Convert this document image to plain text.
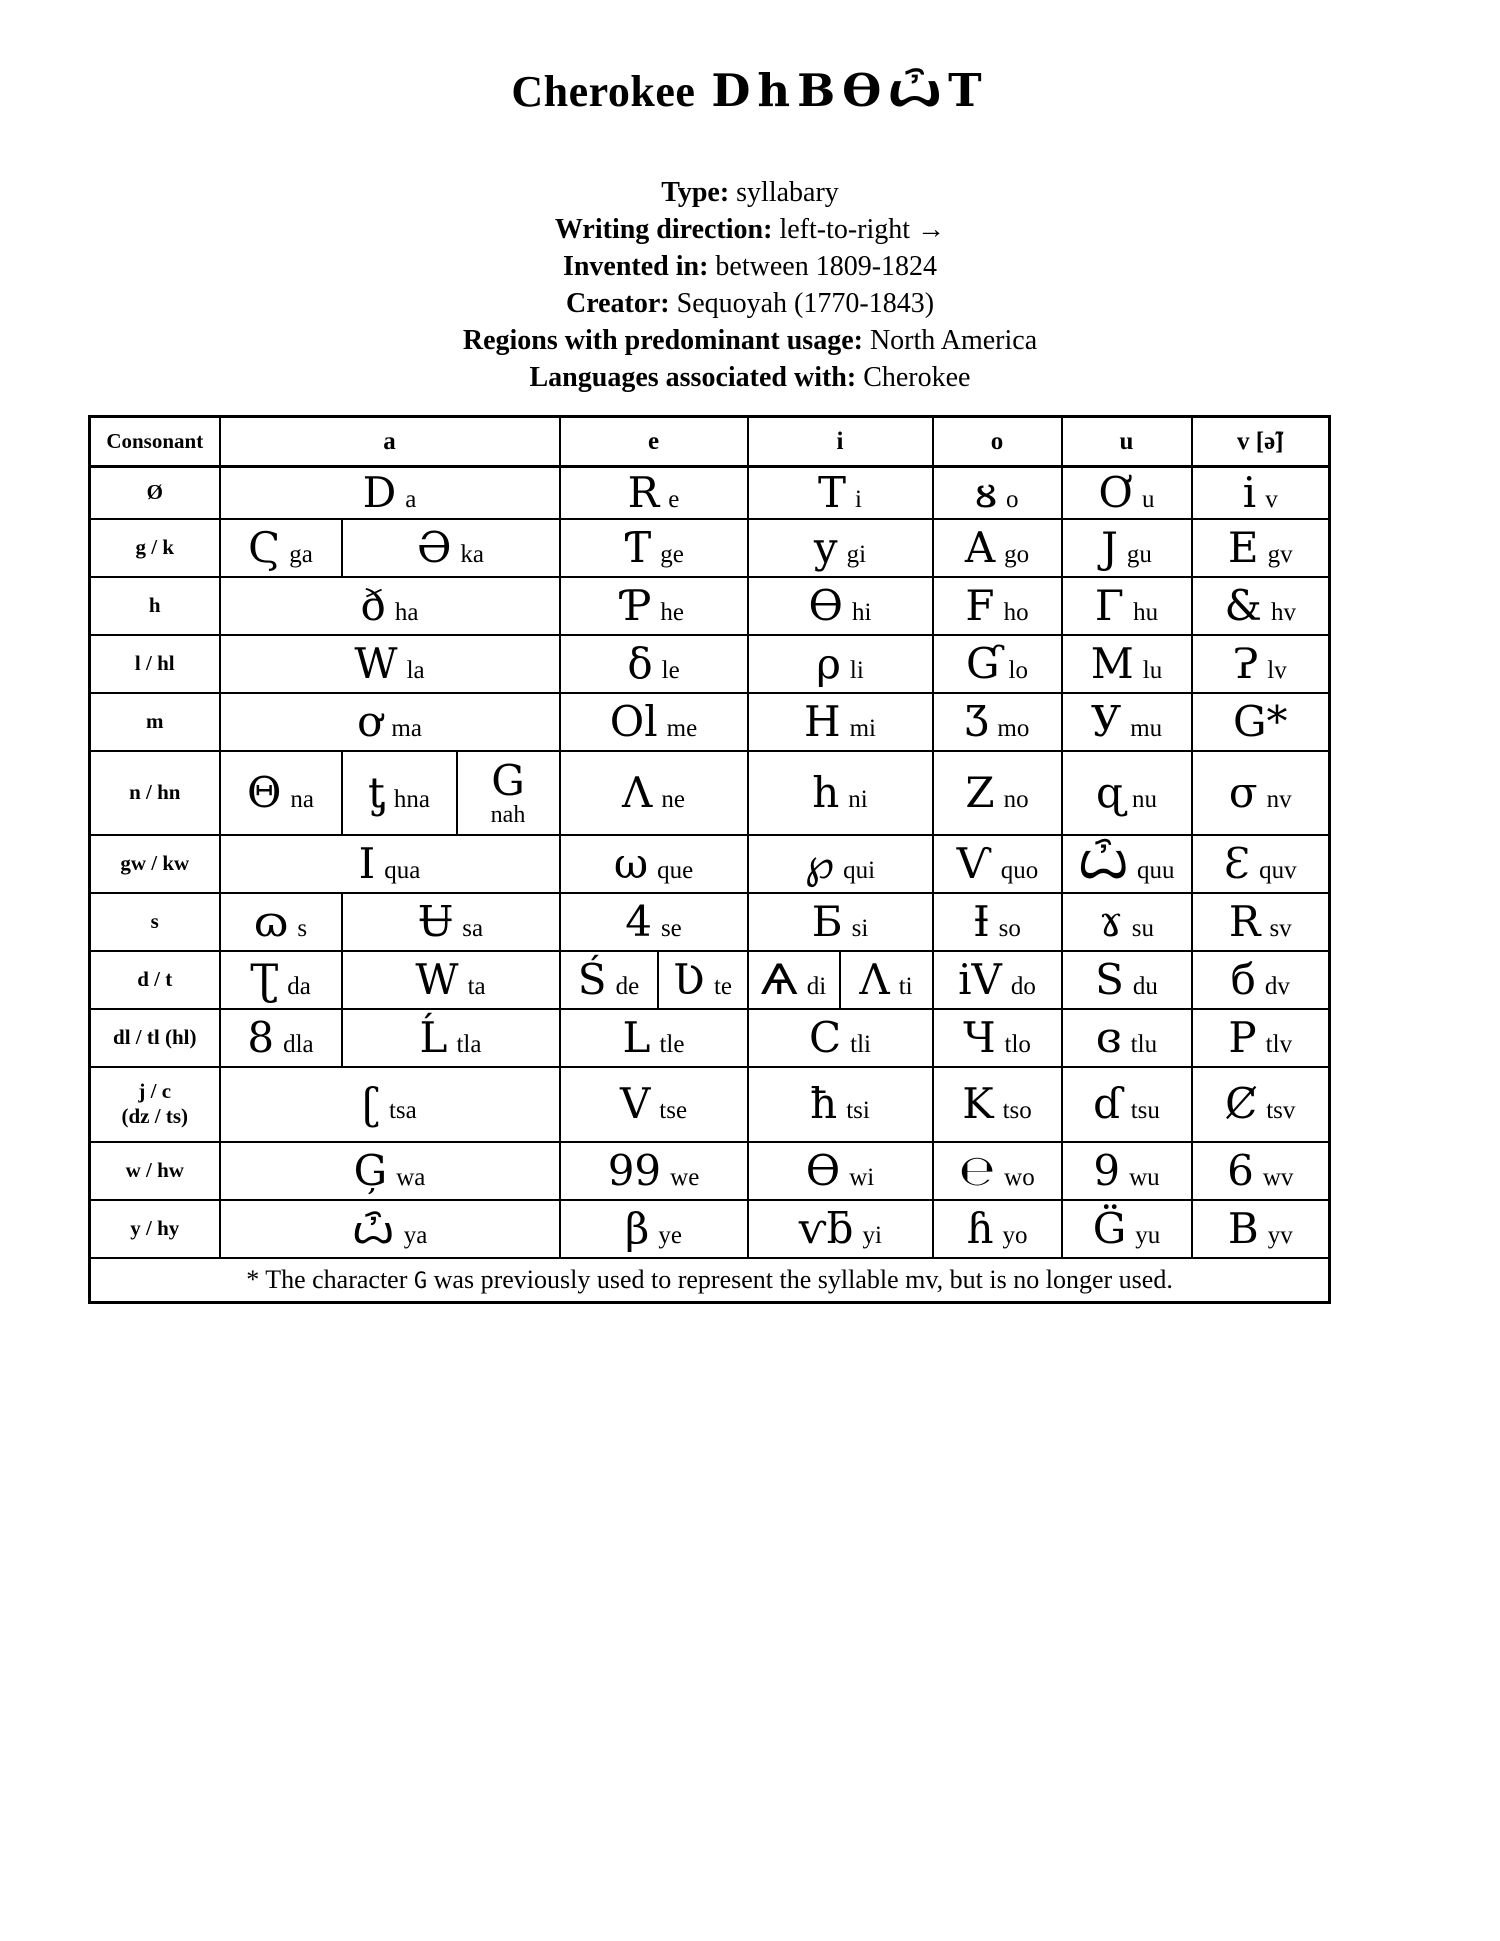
Cherokee DhBѲѽT
Type: syllabary
Writing direction: left-to-right →
Invented in: between 1809-1824
Creator: Sequoyah (1770-1843)
Regions with predominant usage: North America
Languages associated with: Cherokee
Consonant	a			e		i		o	u	v [ə̃]

Ø	D a			R e		T i		ᴕ o	Ơ u	i v

g / k	Ϛ ga	Ə ka		Ƭ ge		y gi		A go	J gu	E gv

h	ð ha			Ƥ he		Ɵ hi		F ho	Γ hu	& hv

l / hl	W la			δ le		ρ li		Ɠ lo	M lu	Ɂ lv

m	ơ ma			Ol me		H mi		Ʒ mo	У mu	G*

n / hn	Θ na	ƫ hna	G
nah	Λ ne		h ni		Z no	ɋ nu	σ nv

gw / kw	I qua			ω que		℘ qui		Ѵ quo	Ѽ quu	Ɛ quv

s	ɷ s	Ʉ sa		4 se		Ƃ si		Ɨ so	ɤ su	R sv

d / t	Ʈ da	W ta		Ś de	Ʋ te	Ѧ di	Ʌ ti	iV do	S du	б dv

dl / tl (hl)	8 dla	Ĺ tla		L tle		C tli		Ч tlo	ɞ tlu	P tlv

j / c
(dz / ts)	ʗ tsa			V tse		ħ tsi		K tso	ɗ tsu	Ȼ tsv

w / hw	Ģ wa			99 we		Ѳ wi		℮ wo	9 wu	6 wv

y / hy	ѽ ya			β ye		ѵƃ yi		ɦ yo	G̈ yu	B yv
* The character G was previously used to represent the syllable mv, but is no longer used.										
